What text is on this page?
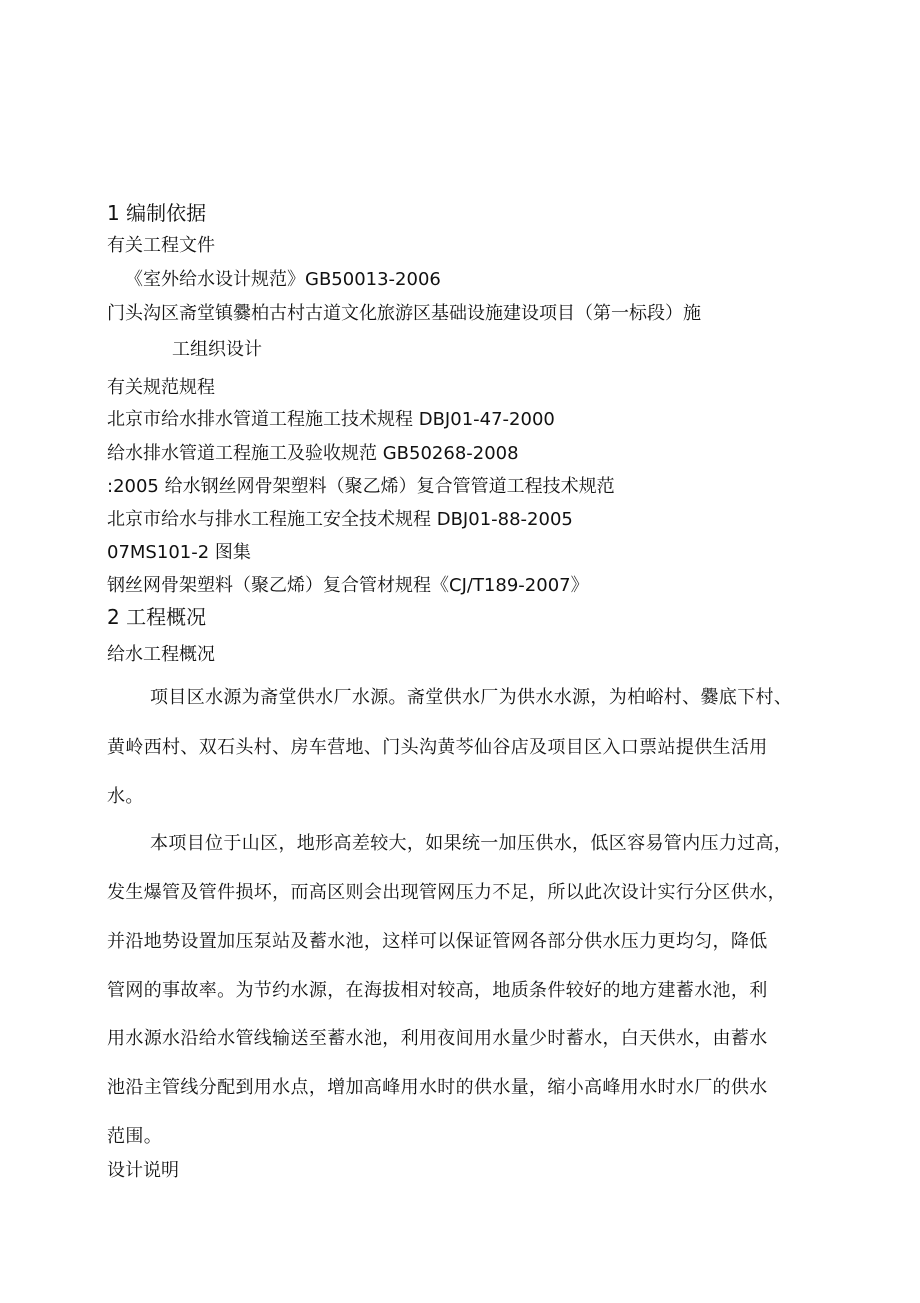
1 编制依据
有关工程文件
《室外给水设计规范》GB50013-2006
门头沟区斋堂镇爨柏古村古道文化旅游区基础设施建设项目（第一标段）施
工组织设计
有关规范规程
北京市给水排水管道工程施工技术规程 DBJ01-47-2000
给水排水管道工程施工及验收规范 GB50268-2008
:2005 给水钢丝网骨架塑料（聚乙烯）复合管管道工程技术规范
北京市给水与排水工程施工安全技术规程 DBJ01-88-2005
07MS101-2 图集
钢丝网骨架塑料（聚乙烯）复合管材规程《CJ/T189-2007》
2 工程概况
给水工程概况
项目区水源为斋堂供水厂水源。斋堂供水厂为供水水源，为柏峪村、爨底下村、
黄岭西村、双石头村、房车营地、门头沟黄芩仙谷店及项目区入口票站提供生活用
水。
本项目位于山区，地形高差较大，如果统一加压供水，低区容易管内压力过高，
发生爆管及管件损坏，而高区则会出现管网压力不足，所以此次设计实行分区供水，
并沿地势设置加压泵站及蓄水池，这样可以保证管网各部分供水压力更均匀，降低
管网的事故率。为节约水源，在海拔相对较高，地质条件较好的地方建蓄水池，利
用水源水沿给水管线输送至蓄水池，利用夜间用水量少时蓄水，白天供水，由蓄水
池沿主管线分配到用水点，增加高峰用水时的供水量，缩小高峰用水时水厂的供水
范围。
设计说明
